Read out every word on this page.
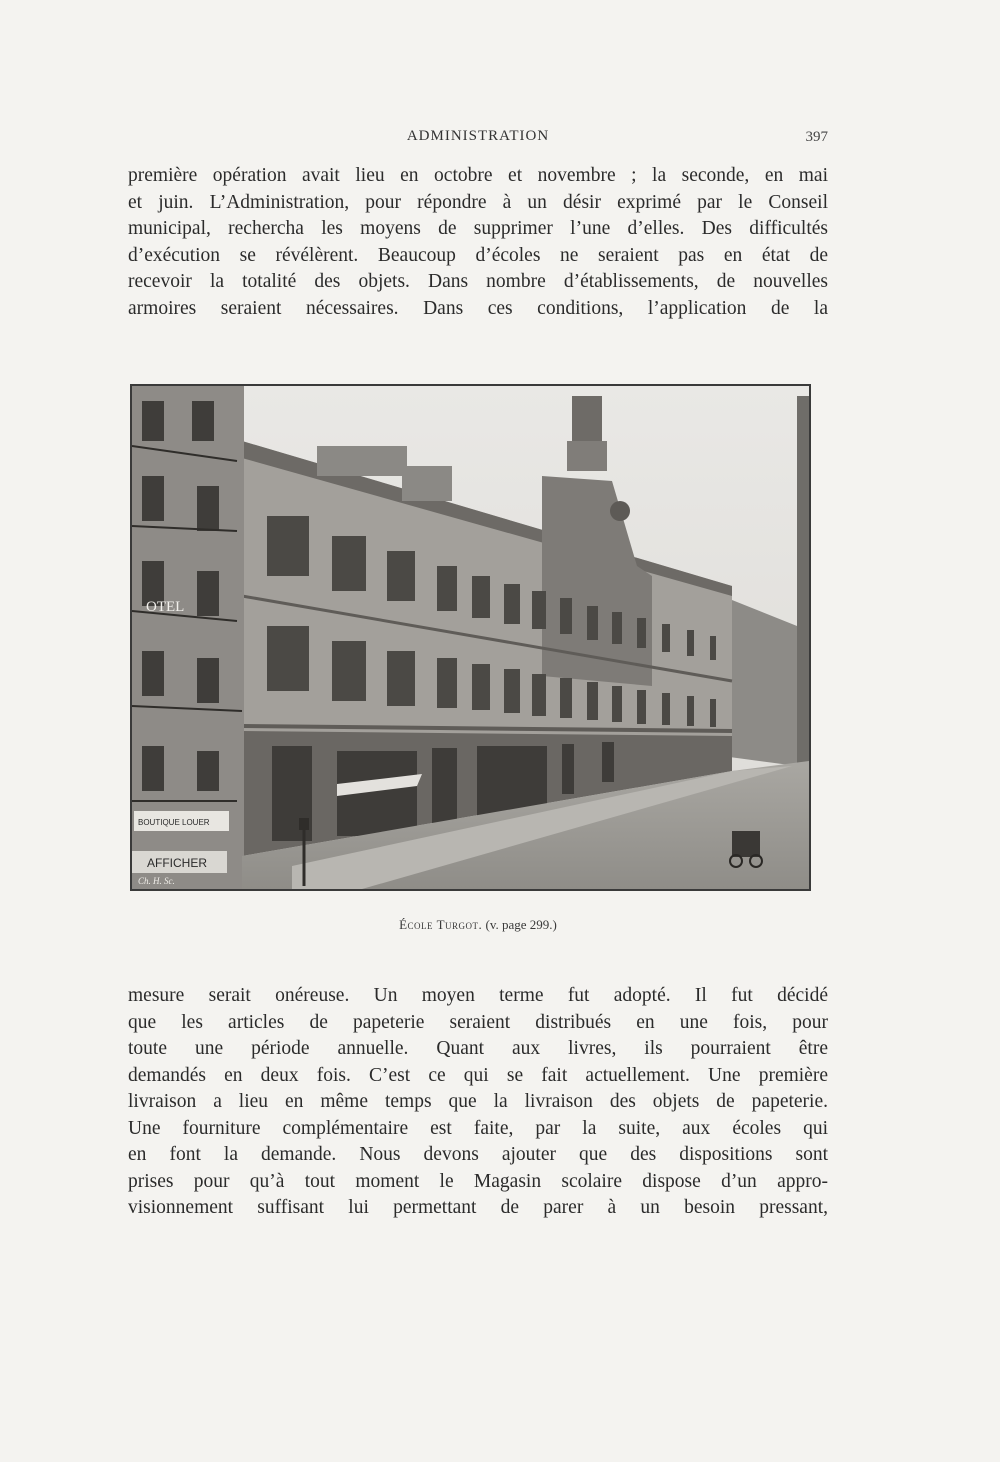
ADMINISTRATION	397
première opération avait lieu en octobre et novembre ; la seconde, en mai
et juin. L’Administration, pour répondre à un désir exprimé par le Conseil
municipal, rechercha les moyens de supprimer l’une d’elles. Des difficultés
d’exécution se révélèrent. Beaucoup d’écoles ne seraient pas en état de
recevoir la totalité des objets. Dans nombre d’établissements, de nouvelles
armoires seraient nécessaires. Dans ces conditions, l’application de la
OTEL
BOUTIQUE LOUER
AFFICHER
Ch. H. Sc.
École Turgot. (v. page 299.)
mesure serait onéreuse. Un moyen terme fut adopté. Il fut décidé
que les articles de papeterie seraient distribués en une fois, pour
toute une période annuelle. Quant aux livres, ils pourraient être
demandés en deux fois. C’est ce qui se fait actuellement. Une première
livraison a lieu en même temps que la livraison des objets de papeterie.
Une fourniture complémentaire est faite, par la suite, aux écoles qui
en font la demande. Nous devons ajouter que des dispositions sont
prises pour qu’à tout moment le Magasin scolaire dispose d’un appro-
visionnement suffisant lui permettant de parer à un besoin pressant,
